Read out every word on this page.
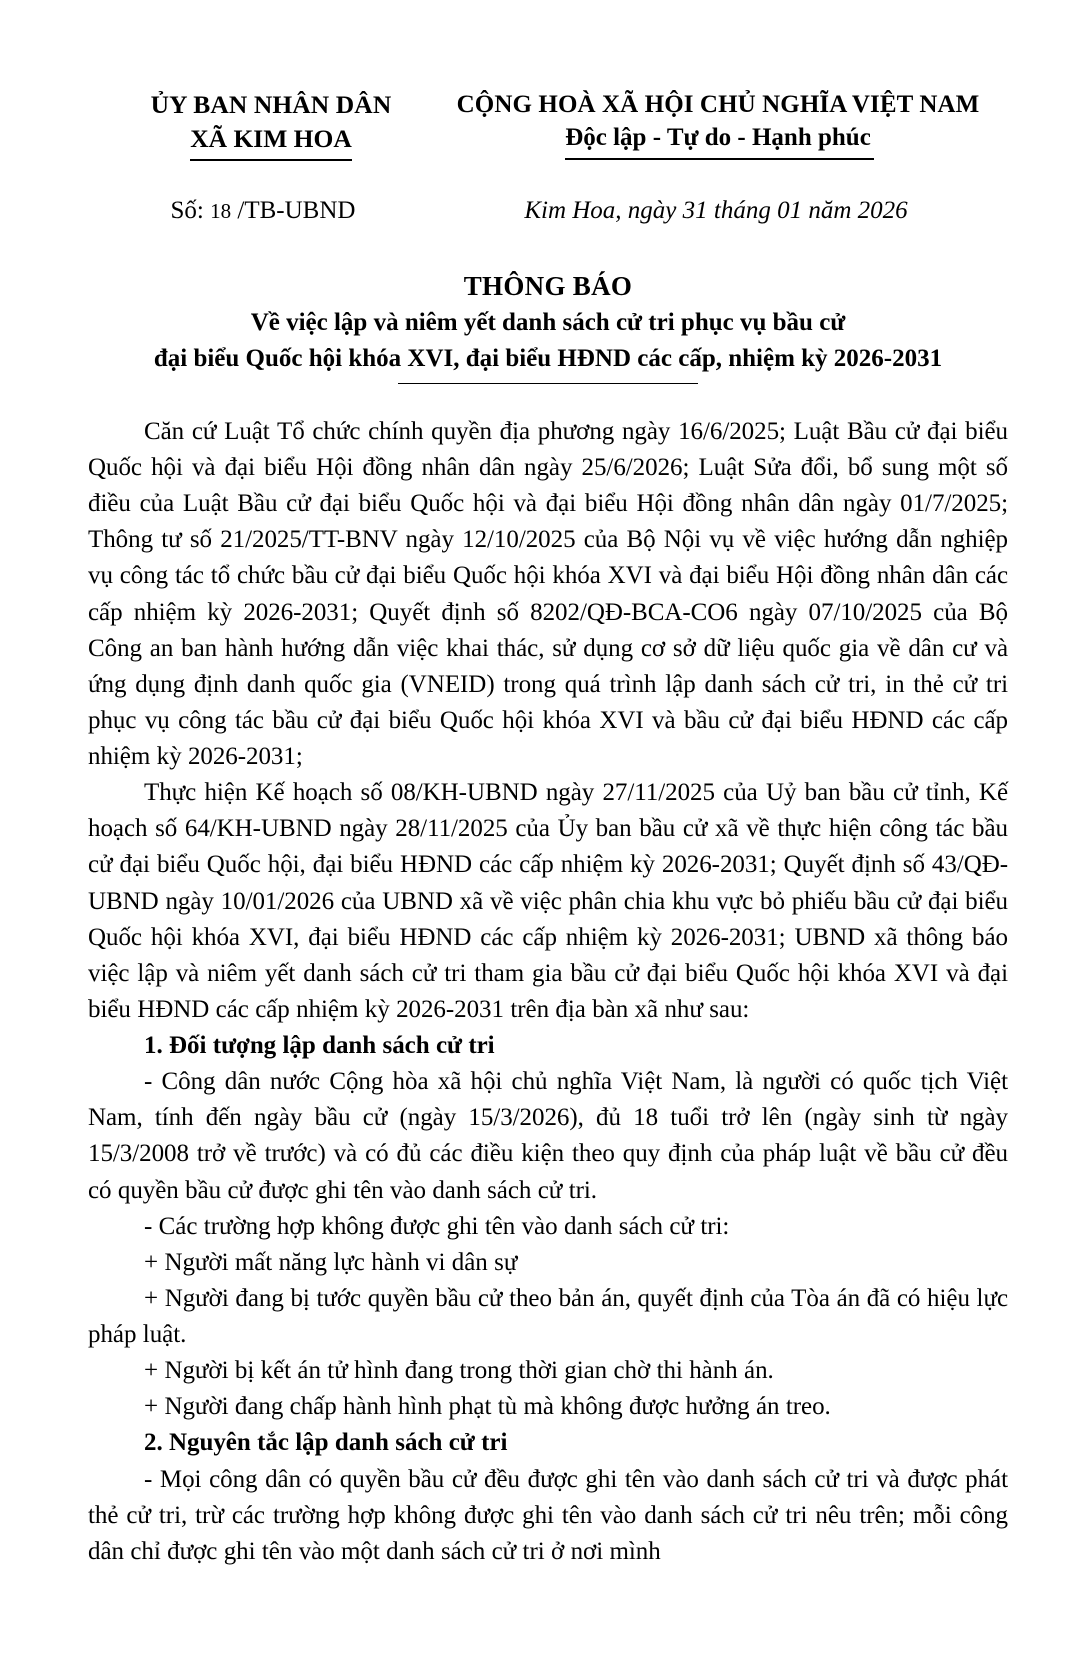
ỦY BAN NHÂN DÂN
XÃ KIM HOA
CỘNG HOÀ XÃ HỘI CHỦ NGHĨA VIỆT NAM
Độc lập - Tự do - Hạnh phúc
Số: 18 /TB-UBND	Kim Hoa, ngày 31 tháng 01 năm 2026
THÔNG BÁO
Về việc lập và niêm yết danh sách cử tri phục vụ bầu cử
đại biểu Quốc hội khóa XVI, đại biểu HĐND các cấp, nhiệm kỳ 2026-2031

Căn cứ Luật Tổ chức chính quyền địa phương ngày 16/6/2025; Luật Bầu cử đại biểu Quốc hội và đại biểu Hội đồng nhân dân ngày 25/6/2026; Luật Sửa đổi, bổ sung một số điều của Luật Bầu cử đại biểu Quốc hội và đại biểu Hội đồng nhân dân ngày 01/7/2025; Thông tư số 21/2025/TT-BNV ngày 12/10/2025 của Bộ Nội vụ về việc hướng dẫn nghiệp vụ công tác tổ chức bầu cử đại biểu Quốc hội khóa XVI và đại biểu Hội đồng nhân dân các cấp nhiệm kỳ 2026-2031; Quyết định số 8202/QĐ-BCA-CO6 ngày 07/10/2025 của Bộ Công an ban hành hướng dẫn việc khai thác, sử dụng cơ sở dữ liệu quốc gia về dân cư và ứng dụng định danh quốc gia (VNEID) trong quá trình lập danh sách cử tri, in thẻ cử tri phục vụ công tác bầu cử đại biểu Quốc hội khóa XVI và bầu cử đại biểu HĐND các cấp nhiệm kỳ 2026-2031;

Thực hiện Kế hoạch số 08/KH-UBND ngày 27/11/2025 của Uỷ ban bầu cử tỉnh, Kế hoạch số 64/KH-UBND ngày 28/11/2025 của Ủy ban bầu cử xã về thực hiện công tác bầu cử đại biểu Quốc hội, đại biểu HĐND các cấp nhiệm kỳ 2026-2031; Quyết định số 43/QĐ-UBND ngày 10/01/2026 của UBND xã về việc phân chia khu vực bỏ phiếu bầu cử đại biểu Quốc hội khóa XVI, đại biểu HĐND các cấp nhiệm kỳ 2026-2031; UBND xã thông báo việc lập và niêm yết danh sách cử tri tham gia bầu cử đại biểu Quốc hội khóa XVI và đại biểu HĐND các cấp nhiệm kỳ 2026-2031 trên địa bàn xã như sau:

1. Đối tượng lập danh sách cử tri

- Công dân nước Cộng hòa xã hội chủ nghĩa Việt Nam, là người có quốc tịch Việt Nam, tính đến ngày bầu cử (ngày 15/3/2026), đủ 18 tuổi trở lên (ngày sinh từ ngày 15/3/2008 trở về trước) và có đủ các điều kiện theo quy định của pháp luật về bầu cử đều có quyền bầu cử được ghi tên vào danh sách cử tri.

- Các trường hợp không được ghi tên vào danh sách cử tri:

+ Người mất năng lực hành vi dân sự

+ Người đang bị tước quyền bầu cử theo bản án, quyết định của Tòa án đã có hiệu lực pháp luật.

+ Người bị kết án tử hình đang trong thời gian chờ thi hành án.

+ Người đang chấp hành hình phạt tù mà không được hưởng án treo.

2. Nguyên tắc lập danh sách cử tri

- Mọi công dân có quyền bầu cử đều được ghi tên vào danh sách cử tri và được phát thẻ cử tri, trừ các trường hợp không được ghi tên vào danh sách cử tri nêu trên; mỗi công dân chỉ được ghi tên vào một danh sách cử tri ở nơi mình
